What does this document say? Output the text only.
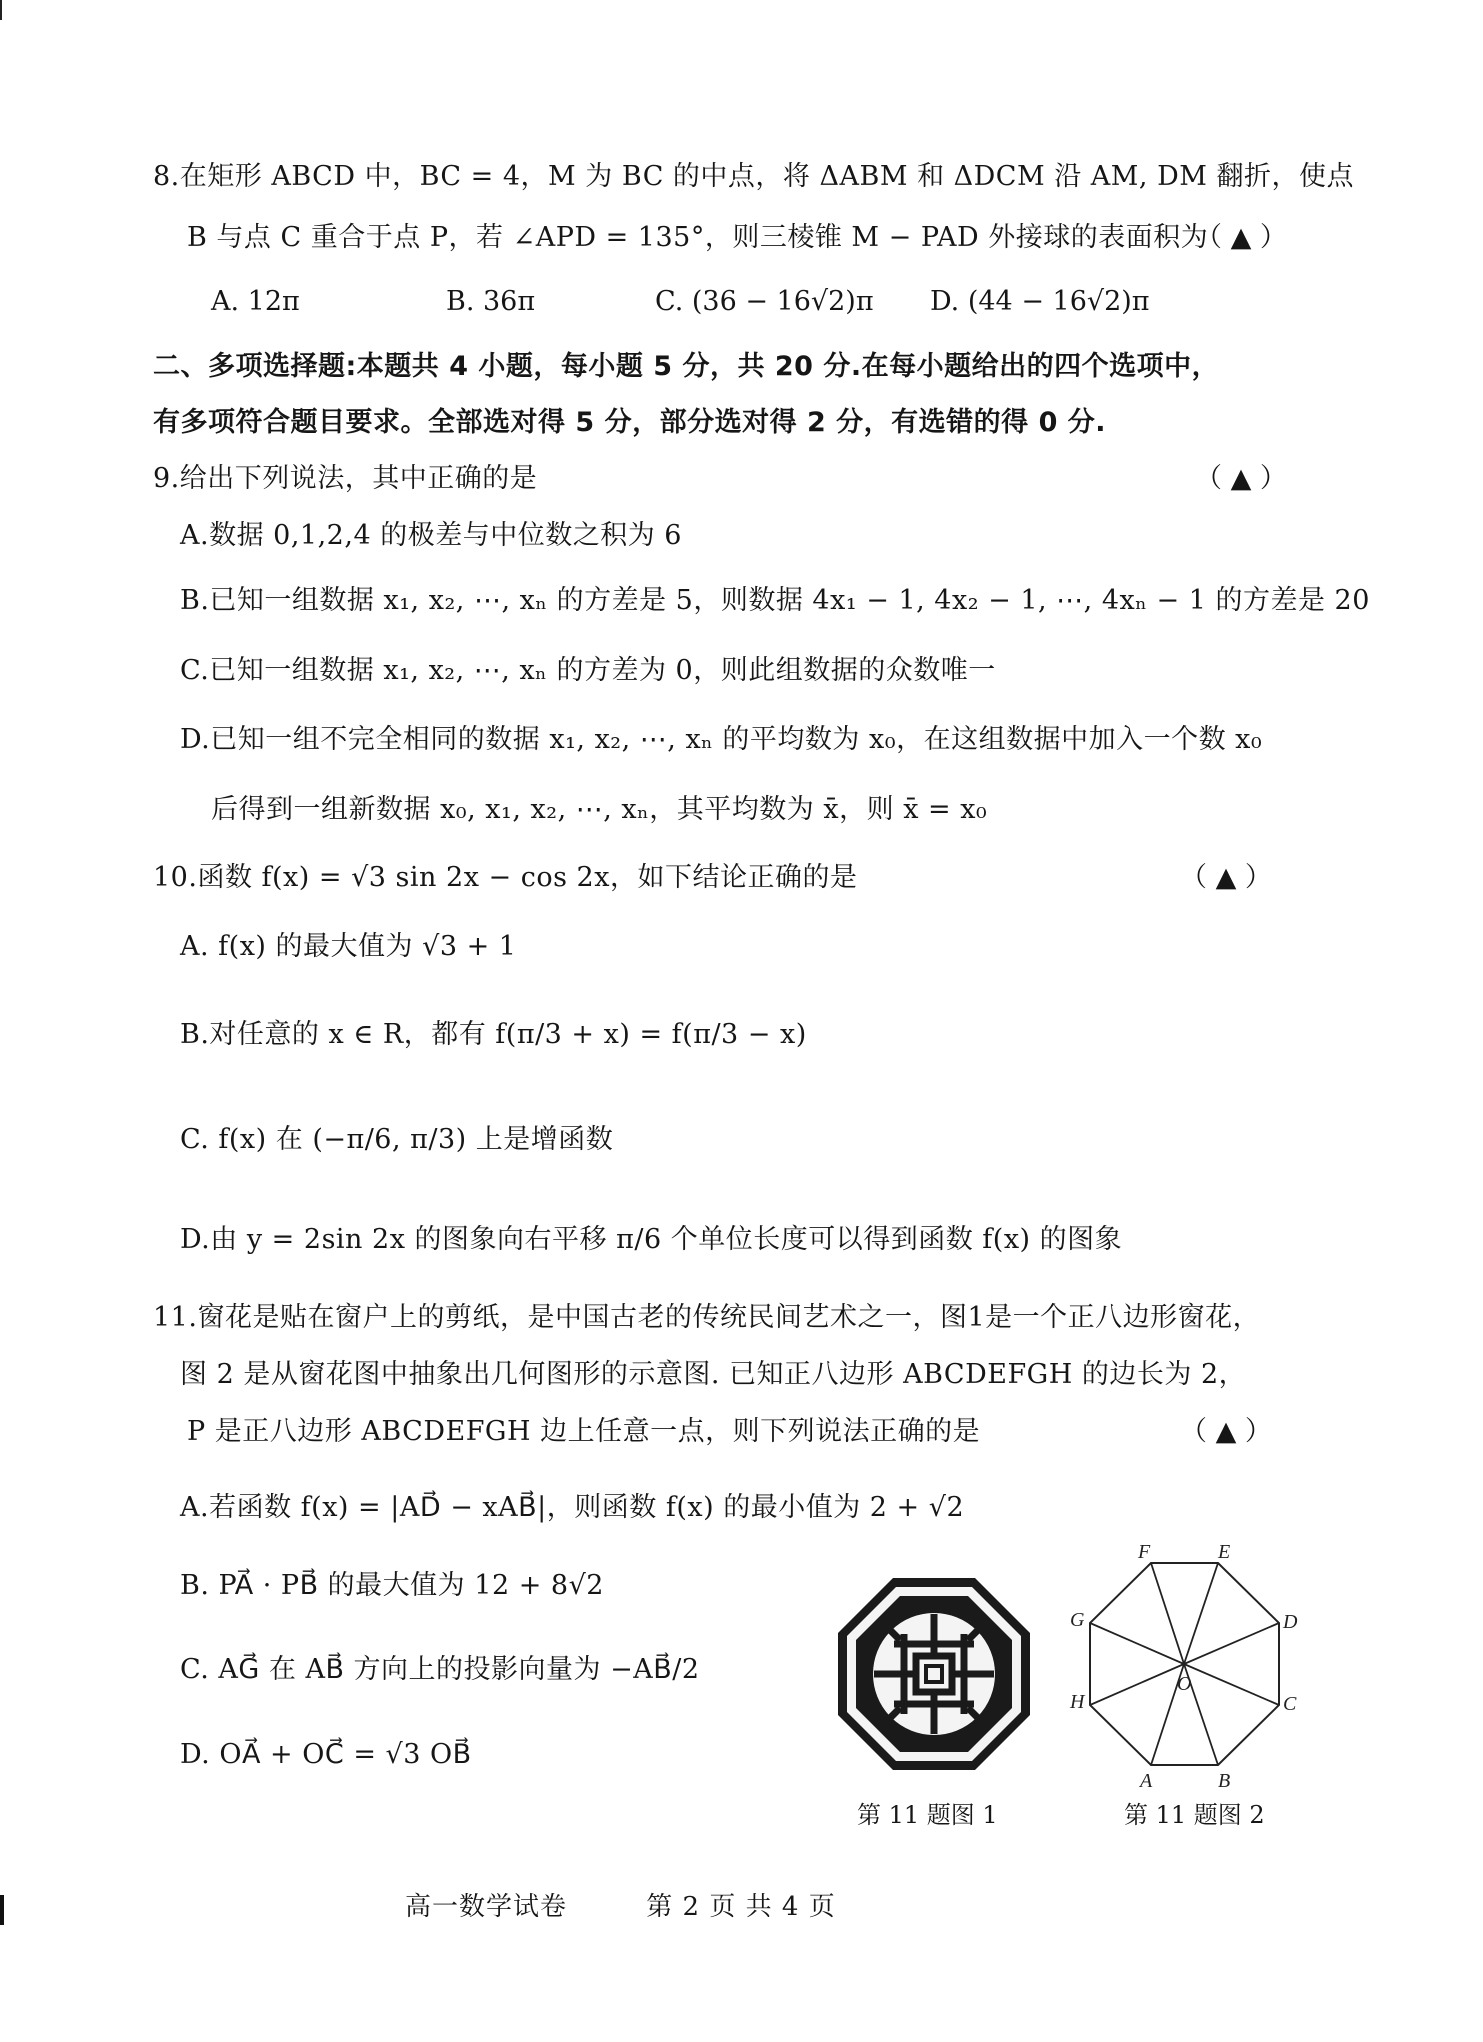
8.在矩形 ABCD 中，BC = 4，M 为 BC 的中点，将 ΔABM 和 ΔDCM 沿 AM, DM 翻折，使点
B 与点 C 重合于点 P，若 ∠APD = 135°，则三棱锥 M − PAD 外接球的表面积为
（ ▲ ）
A. 12π	B. 36π	C. (36 − 16√2)π D. (44 − 16√2)π
二、多项选择题:本题共 4 小题，每小题 5 分，共 20 分.在每小题给出的四个选项中，
有多项符合题目要求。全部选对得 5 分，部分选对得 2 分，有选错的得 0 分.
9.给出下列说法，其中正确的是	（ ▲ ）
A.数据 0,1,2,4 的极差与中位数之积为 6
B.已知一组数据 x₁, x₂, ⋯, xₙ 的方差是 5，则数据 4x₁ − 1, 4x₂ − 1, ⋯, 4xₙ − 1 的方差是 20
C.已知一组数据 x₁, x₂, ⋯, xₙ 的方差为 0，则此组数据的众数唯一
D.已知一组不完全相同的数据 x₁, x₂, ⋯, xₙ 的平均数为 x₀，在这组数据中加入一个数 x₀
后得到一组新数据 x₀, x₁, x₂, ⋯, xₙ，其平均数为 x̄，则 x̄ = x₀
10.函数 f(x) = √3 sin 2x − cos 2x，如下结论正确的是	（ ▲ ）
A. f(x) 的最大值为 √3 + 1
B.对任意的 x ∈ R，都有 f(π/3 + x) = f(π/3 − x)
C. f(x) 在 (−π/6, π/3) 上是增函数
D.由 y = 2sin 2x 的图象向右平移 π/6 个单位长度可以得到函数 f(x) 的图象
11.窗花是贴在窗户上的剪纸，是中国古老的传统民间艺术之一，图1是一个正八边形窗花，
图 2 是从窗花图中抽象出几何图形的示意图. 已知正八边形 ABCDEFGH 的边长为 2，
P 是正八边形 ABCDEFGH 边上任意一点，则下列说法正确的是	（ ▲ ）
A.若函数 f(x) = |AD⃗ − xAB⃗|，则函数 f(x) 的最小值为 2 + √2
B. PA⃗ · PB⃗ 的最大值为 12 + 8√2
C. AG⃗ 在 AB⃗ 方向上的投影向量为 −AB⃗/2
D. OA⃗ + OC⃗ = √3 OB⃗
第 11 题图 1
A	B
C
D
E
F
G
H
O
第 11 题图 2
高一数学试卷	第 2 页 共 4 页
